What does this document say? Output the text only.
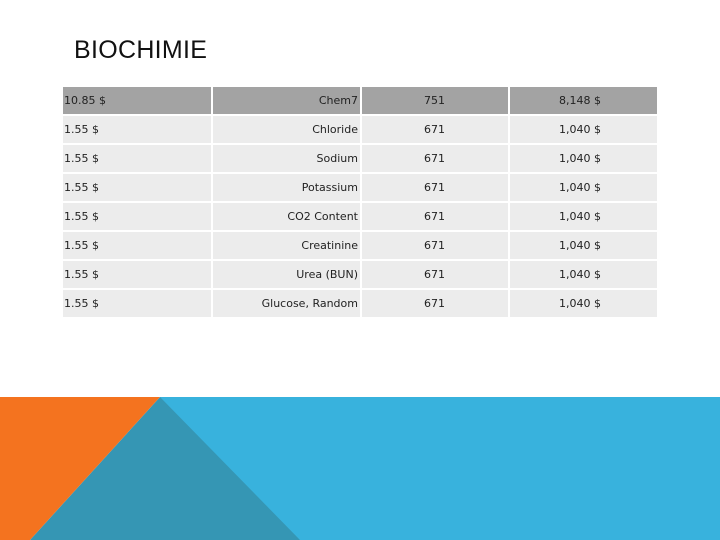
BIOCHIMIE
10.85 $	Chem7	751	8,148 $
1.55 $	Chloride	671	1,040 $
1.55 $	Sodium	671	1,040 $
1.55 $	Potassium	671	1,040 $
1.55 $	CO2 Content	671	1,040 $
1.55 $	Creatinine	671	1,040 $
1.55 $	Urea (BUN)	671	1,040 $
1.55 $	Glucose, Random	671	1,040 $
